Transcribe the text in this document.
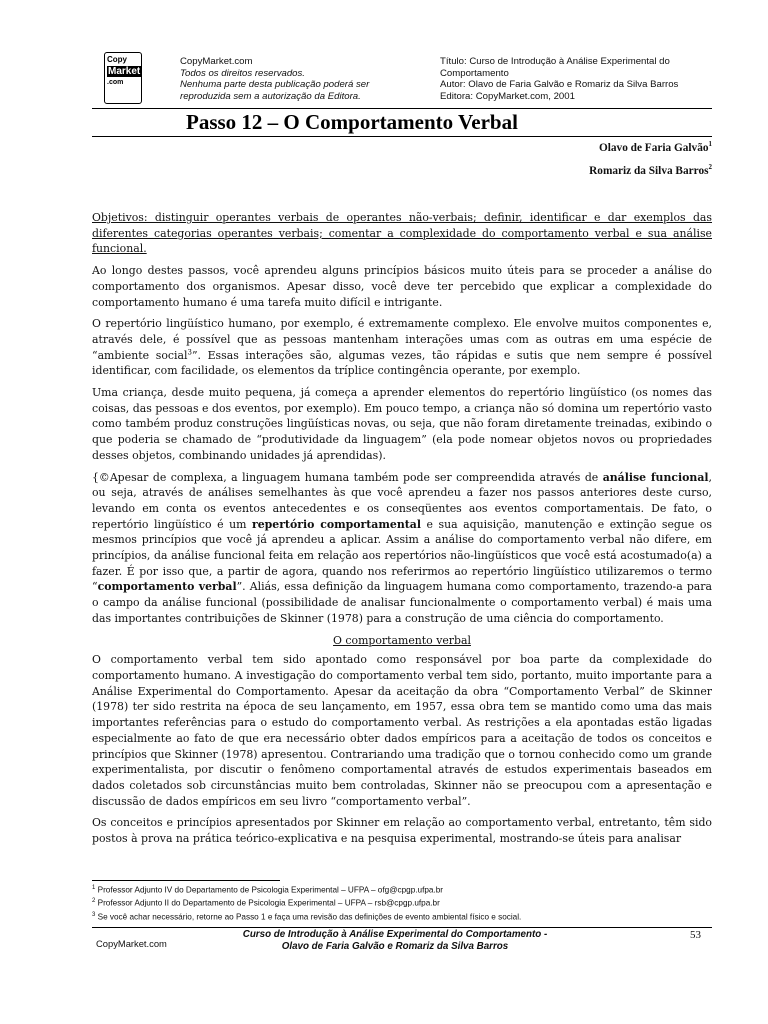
Copy
Market
.com
CopyMarket.com
Todos os direitos reservados.
Nenhuma parte desta publicação poderá ser
reproduzida sem a autorização da Editora.
Título: Curso de Introdução à Análise Experimental do
Comportamento
Autor: Olavo de Faria Galvão e Romariz da Silva Barros
Editora: CopyMarket.com, 2001
Passo 12 – O Comportamento Verbal
Olavo de Faria Galvão$^1$
Romariz da Silva Barros$^2$

Objetivos: distinguir operantes verbais de operantes não-verbais; definir, identificar e dar exemplos das diferentes categorias operantes verbais; comentar a complexidade do comportamento verbal e sua análise funcional.

Ao longo destes passos, você aprendeu alguns princípios básicos muito úteis para se proceder a análise do comportamento dos organismos. Apesar disso, você deve ter percebido que explicar a complexidade do comportamento humano é uma tarefa muito difícil e intrigante.

O repertório lingüístico humano, por exemplo, é extremamente complexo. Ele envolve muitos componentes e, através dele, é possível que as pessoas mantenham interações umas com as outras em uma espécie de “ambiente social$^3$”. Essas interações são, algumas vezes, tão rápidas e sutis que nem sempre é possível identificar, com facilidade, os elementos da tríplice contingência operante, por exemplo.

Uma criança, desde muito pequena, já começa a aprender elementos do repertório lingüístico (os nomes das coisas, das pessoas e dos eventos, por exemplo). Em pouco tempo, a criança não só domina um repertório vasto como também produz construções lingüísticas novas, ou seja, que não foram diretamente treinadas, exibindo o que poderia se chamado de “produtividade da linguagem” (ela pode nomear objetos novos ou propriedades desses objetos, combinando unidades já aprendidas).

{©Apesar de complexa, a linguagem humana também pode ser compreendida através de análise funcional, ou seja, através de análises semelhantes às que você aprendeu a fazer nos passos anteriores deste curso, levando em conta os eventos antecedentes e os conseqüentes aos eventos comportamentais. De fato, o repertório lingüístico é um repertório comportamental e sua aquisição, manutenção e extinção segue os mesmos princípios que você já aprendeu a aplicar. Assim a análise do comportamento verbal não difere, em princípios, da análise funcional feita em relação aos repertórios não-lingüísticos que você está acostumado(a) a fazer. É por isso que, a partir de agora, quando nos referirmos ao repertório lingüístico utilizaremos o termo “comportamento verbal”. Aliás, essa definição da linguagem humana como comportamento, trazendo-a para o campo da análise funcional (possibilidade de analisar funcionalmente o comportamento verbal) é mais uma das importantes contribuições de Skinner (1978) para a construção de uma ciência do comportamento.

O comportamento verbal

O comportamento verbal tem sido apontado como responsável por boa parte da complexidade do comportamento humano. A investigação do comportamento verbal tem sido, portanto, muito importante para a Análise Experimental do Comportamento. Apesar da aceitação da obra “Comportamento Verbal” de Skinner (1978) ter sido restrita na época de seu lançamento, em 1957, essa obra tem se mantido como uma das mais importantes referências para o estudo do comportamento verbal. As restrições a ela apontadas estão ligadas especialmente ao fato de que era necessário obter dados empíricos para a aceitação de todos os conceitos e princípios que Skinner (1978) apresentou. Contrariando uma tradição que o tornou conhecido como um grande experimentalista, por discutir o fenômeno comportamental através de estudos experimentais baseados em dados coletados sob circunstâncias muito bem controladas, Skinner não se preocupou com a apresentação e discussão de dados empíricos em seu livro “comportamento verbal”.

Os conceitos e princípios apresentados por Skinner em relação ao comportamento verbal, entretanto, têm sido postos à prova na prática teórico-explicativa e na pesquisa experimental, mostrando-se úteis para analisar

$^1$ Professor Adjunto IV do Departamento de Psicologia Experimental – UFPA – ofg@cpgp.ufpa.br
$^2$ Professor Adjunto II do Departamento de Psicologia Experimental – UFPA – rsb@cpgp.ufpa.br
$^3$ Se você achar necessário, retorne ao Passo 1 e faça uma revisão das definições de evento ambiental físico e social.
CopyMarket.com
Curso de Introdução à Análise Experimental do Comportamento -
Olavo de Faria Galvão e Romariz da Silva Barros
53
